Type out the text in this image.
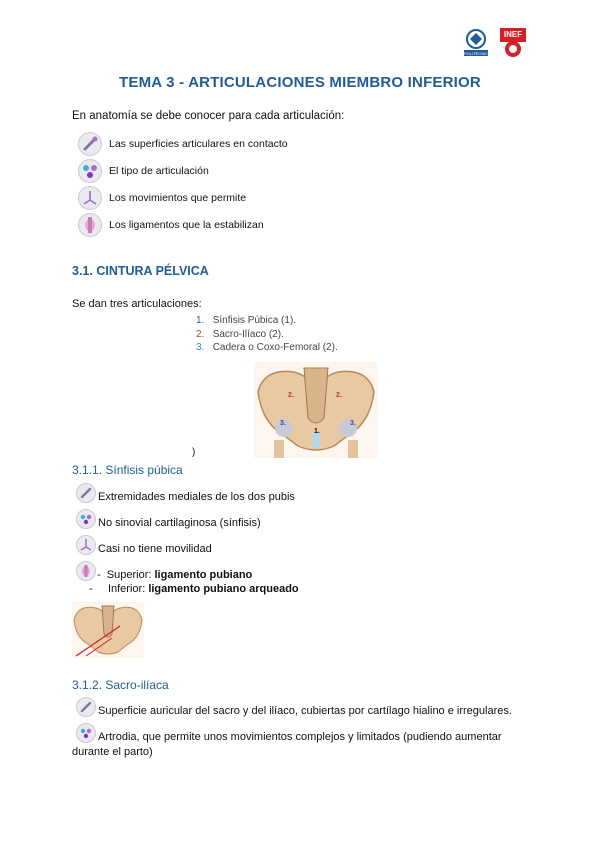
POLITÉCNICA
INEF
TEMA 3 - ARTICULACIONES MIEMBRO INFERIOR
En anatomía se debe conocer para cada articulación:
Las superficies articulares en contacto
El tipo de articulación
Los movimientos que permite
Los ligamentos que la estabilizan
3.1. CINTURA PÉLVICA
Se dan tres articulaciones:
1. Sínfisis Púbica (1).
2. Sacro-Ilíaco (2).
3. Cadera o Coxo-Femoral (2).
2.	2.
3.
1.
3.
)
3.1.1. Sínfisis púbica
Extremidades mediales de los dos pubis
No sinovial cartilaginosa (sínfisis)
Casi no tiene movilidad
- Superior: ligamento pubiano
- Inferior: ligamento pubiano arqueado
3.1.2. Sacro-ilíaca
Superficie auricular del sacro y del ilíaco, cubiertas por cartílago hialino e irregulares.
Artrodia, que permite unos movimientos complejos y limitados (pudiendo aumentar
durante el parto)
